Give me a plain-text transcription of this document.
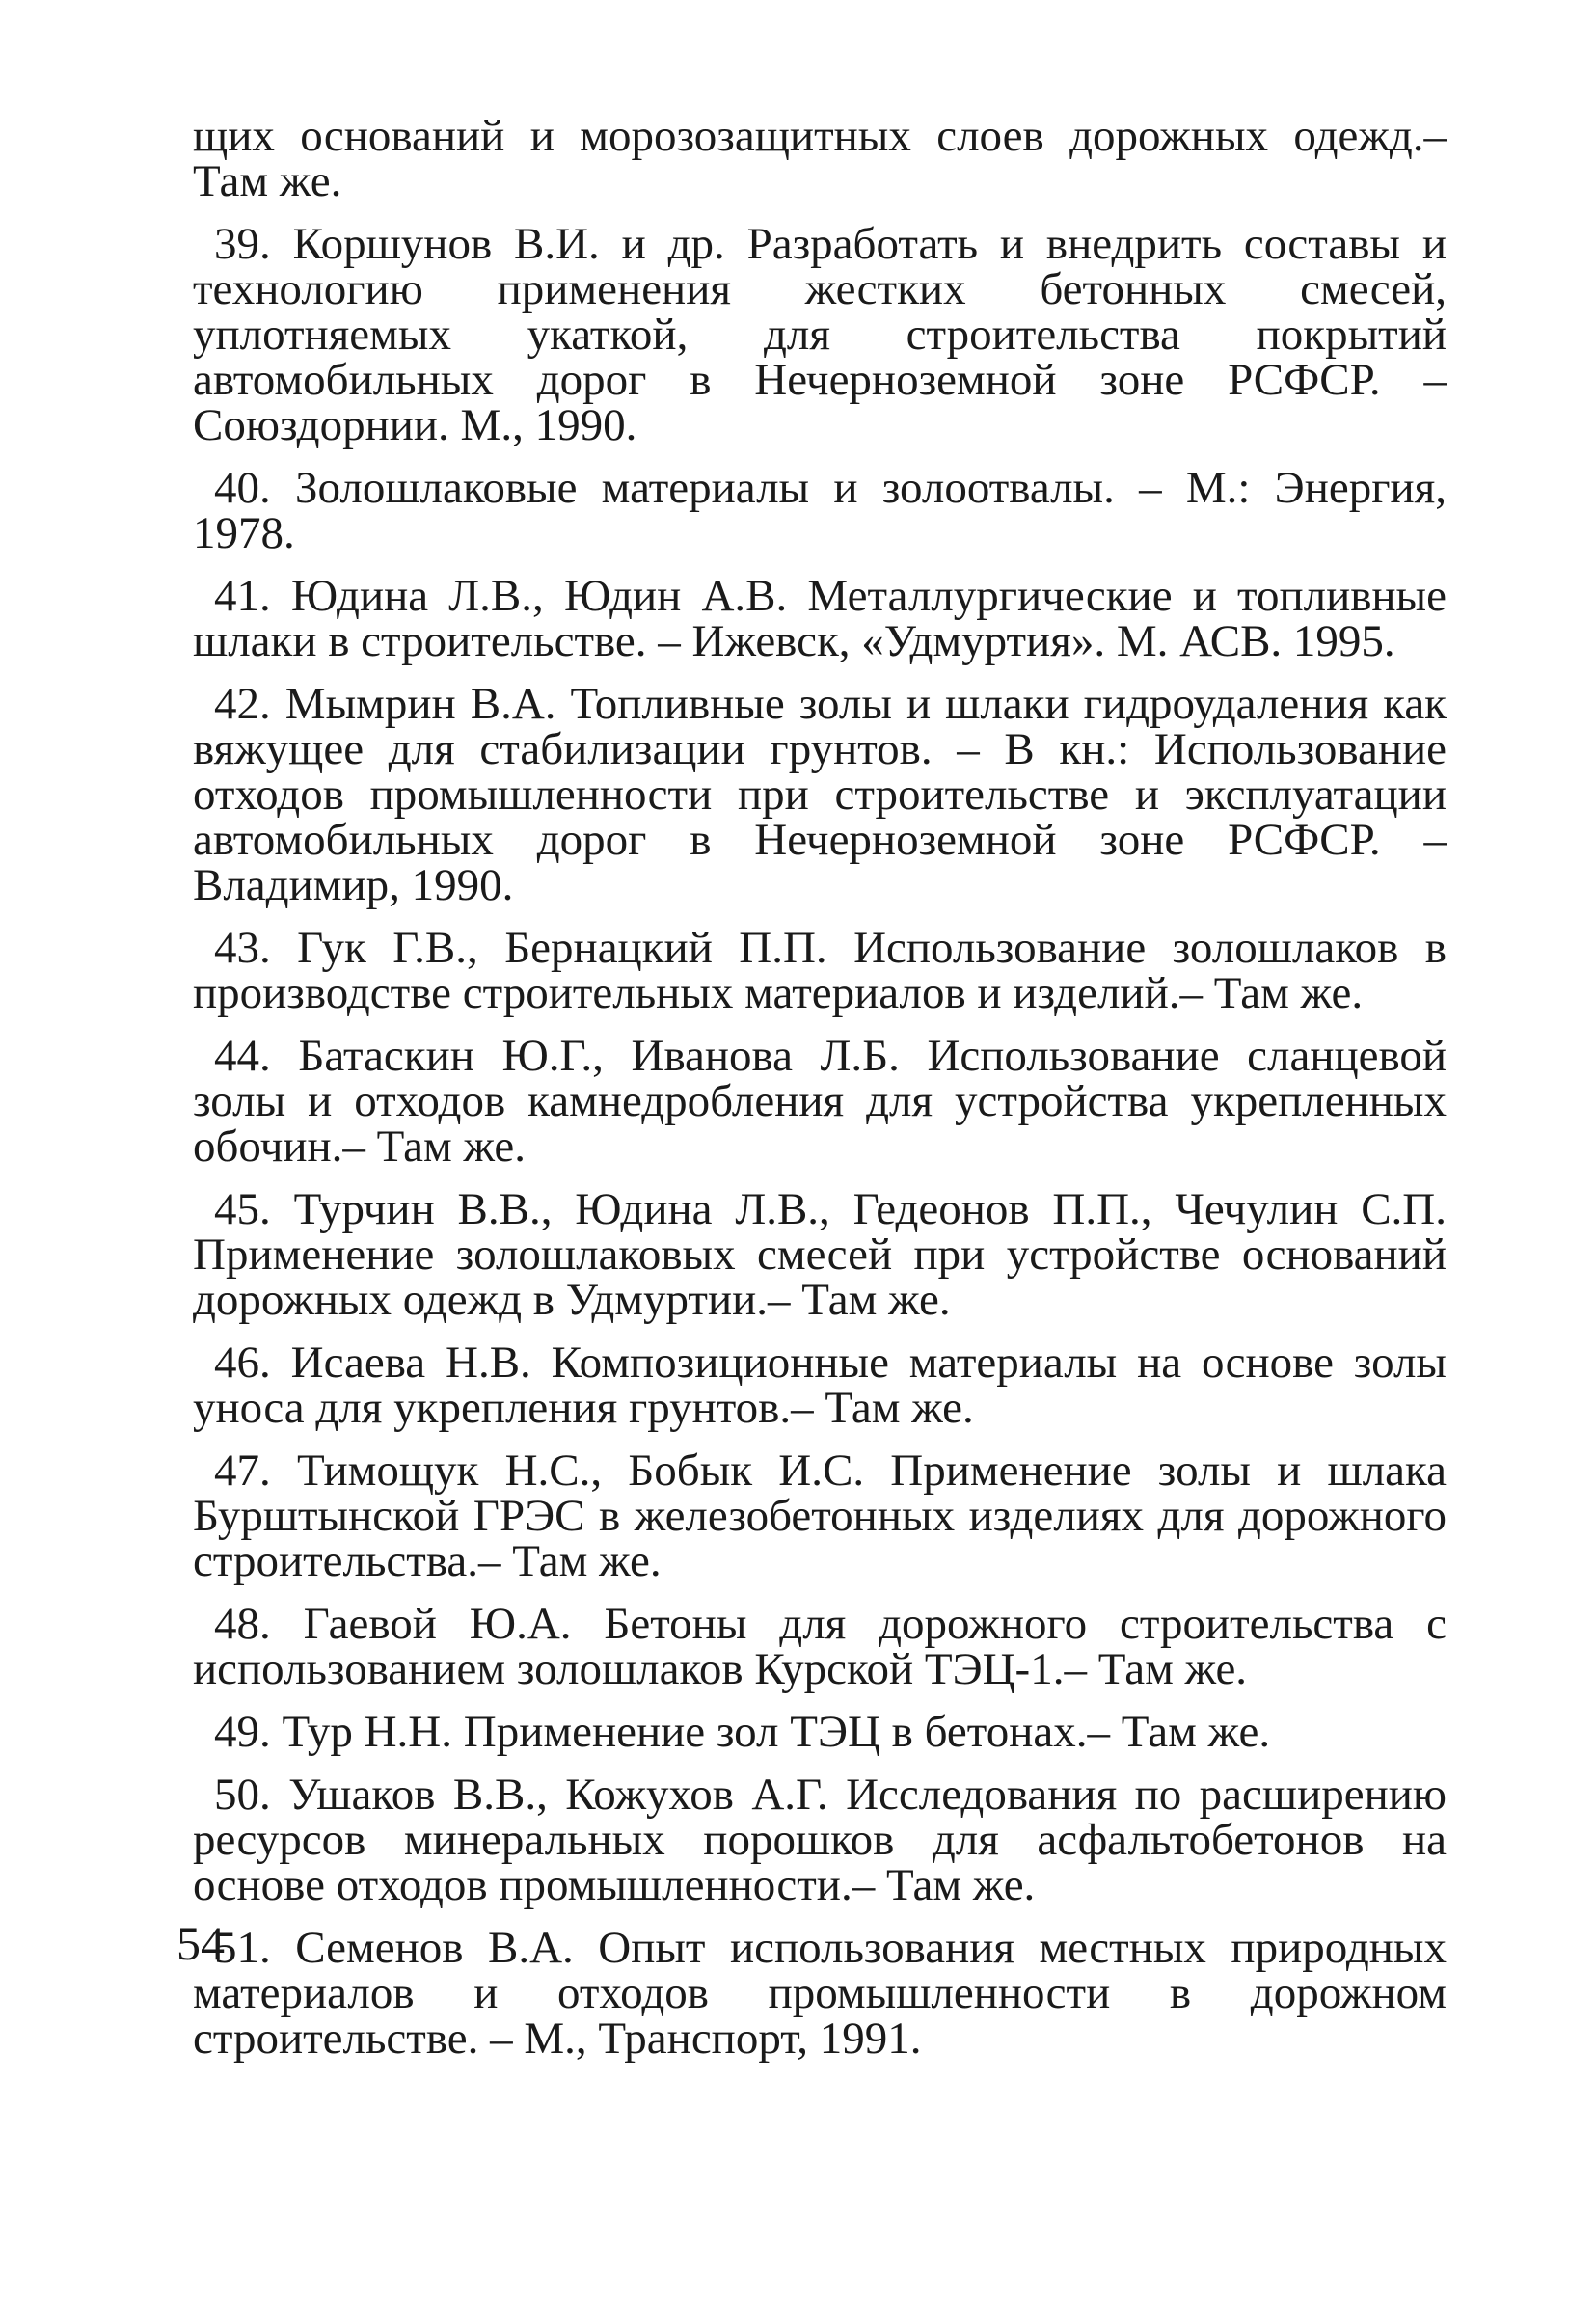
щих оснований и морозозащитных слоев дорожных одежд.– Там же.

39. Коршунов В.И. и др. Разработать и внедрить составы и технологию применения жестких бетонных смесей, уплотняемых укаткой, для строительства покрытий автомобильных дорог в Нечерноземной зоне РСФСР. – Союздорнии. М., 1990.

40. Золошлаковые материалы и золоотвалы. – М.: Энергия, 1978.

41. Юдина Л.В., Юдин А.В. Металлургические и топливные шлаки в строительстве. – Ижевск, «Удмуртия». М. АСВ. 1995.

42. Мымрин В.А. Топливные золы и шлаки гидроудаления как вяжущее для стабилизации грунтов. – В кн.: Использование отходов промышленности при строительстве и эксплуатации автомобильных дорог в Нечерноземной зоне РСФСР. – Владимир, 1990.

43. Гук Г.В., Бернацкий П.П. Использование золошлаков в производстве строительных материалов и изделий.– Там же.

44. Батаскин Ю.Г., Иванова Л.Б. Использование сланцевой золы и отходов камнедробления для устройства укрепленных обочин.– Там же.

45. Турчин В.В., Юдина Л.В., Гедеонов П.П., Чечулин С.П. Применение золошлаковых смесей при устройстве оснований дорожных одежд в Удмуртии.– Там же.

46. Исаева Н.В. Композиционные материалы на основе золы уноса для укрепления грунтов.– Там же.

47. Тимощук Н.С., Бобык И.С. Применение золы и шлака Бурштынской ГРЭС в железобетонных изделиях для дорожного строительства.– Там же.

48. Гаевой Ю.А. Бетоны для дорожного строительства с использованием золошлаков Курской ТЭЦ-1.– Там же.

49. Тур Н.Н. Применение зол ТЭЦ в бетонах.– Там же.

50. Ушаков В.В., Кожухов А.Г. Исследования по расширению ресурсов минеральных порошков для асфальтобетонов на основе отходов промышленности.– Там же.

51. Семенов В.А. Опыт использования местных природных материалов и отходов промышленности в дорожном строительстве. – М., Транспорт, 1991.

54
